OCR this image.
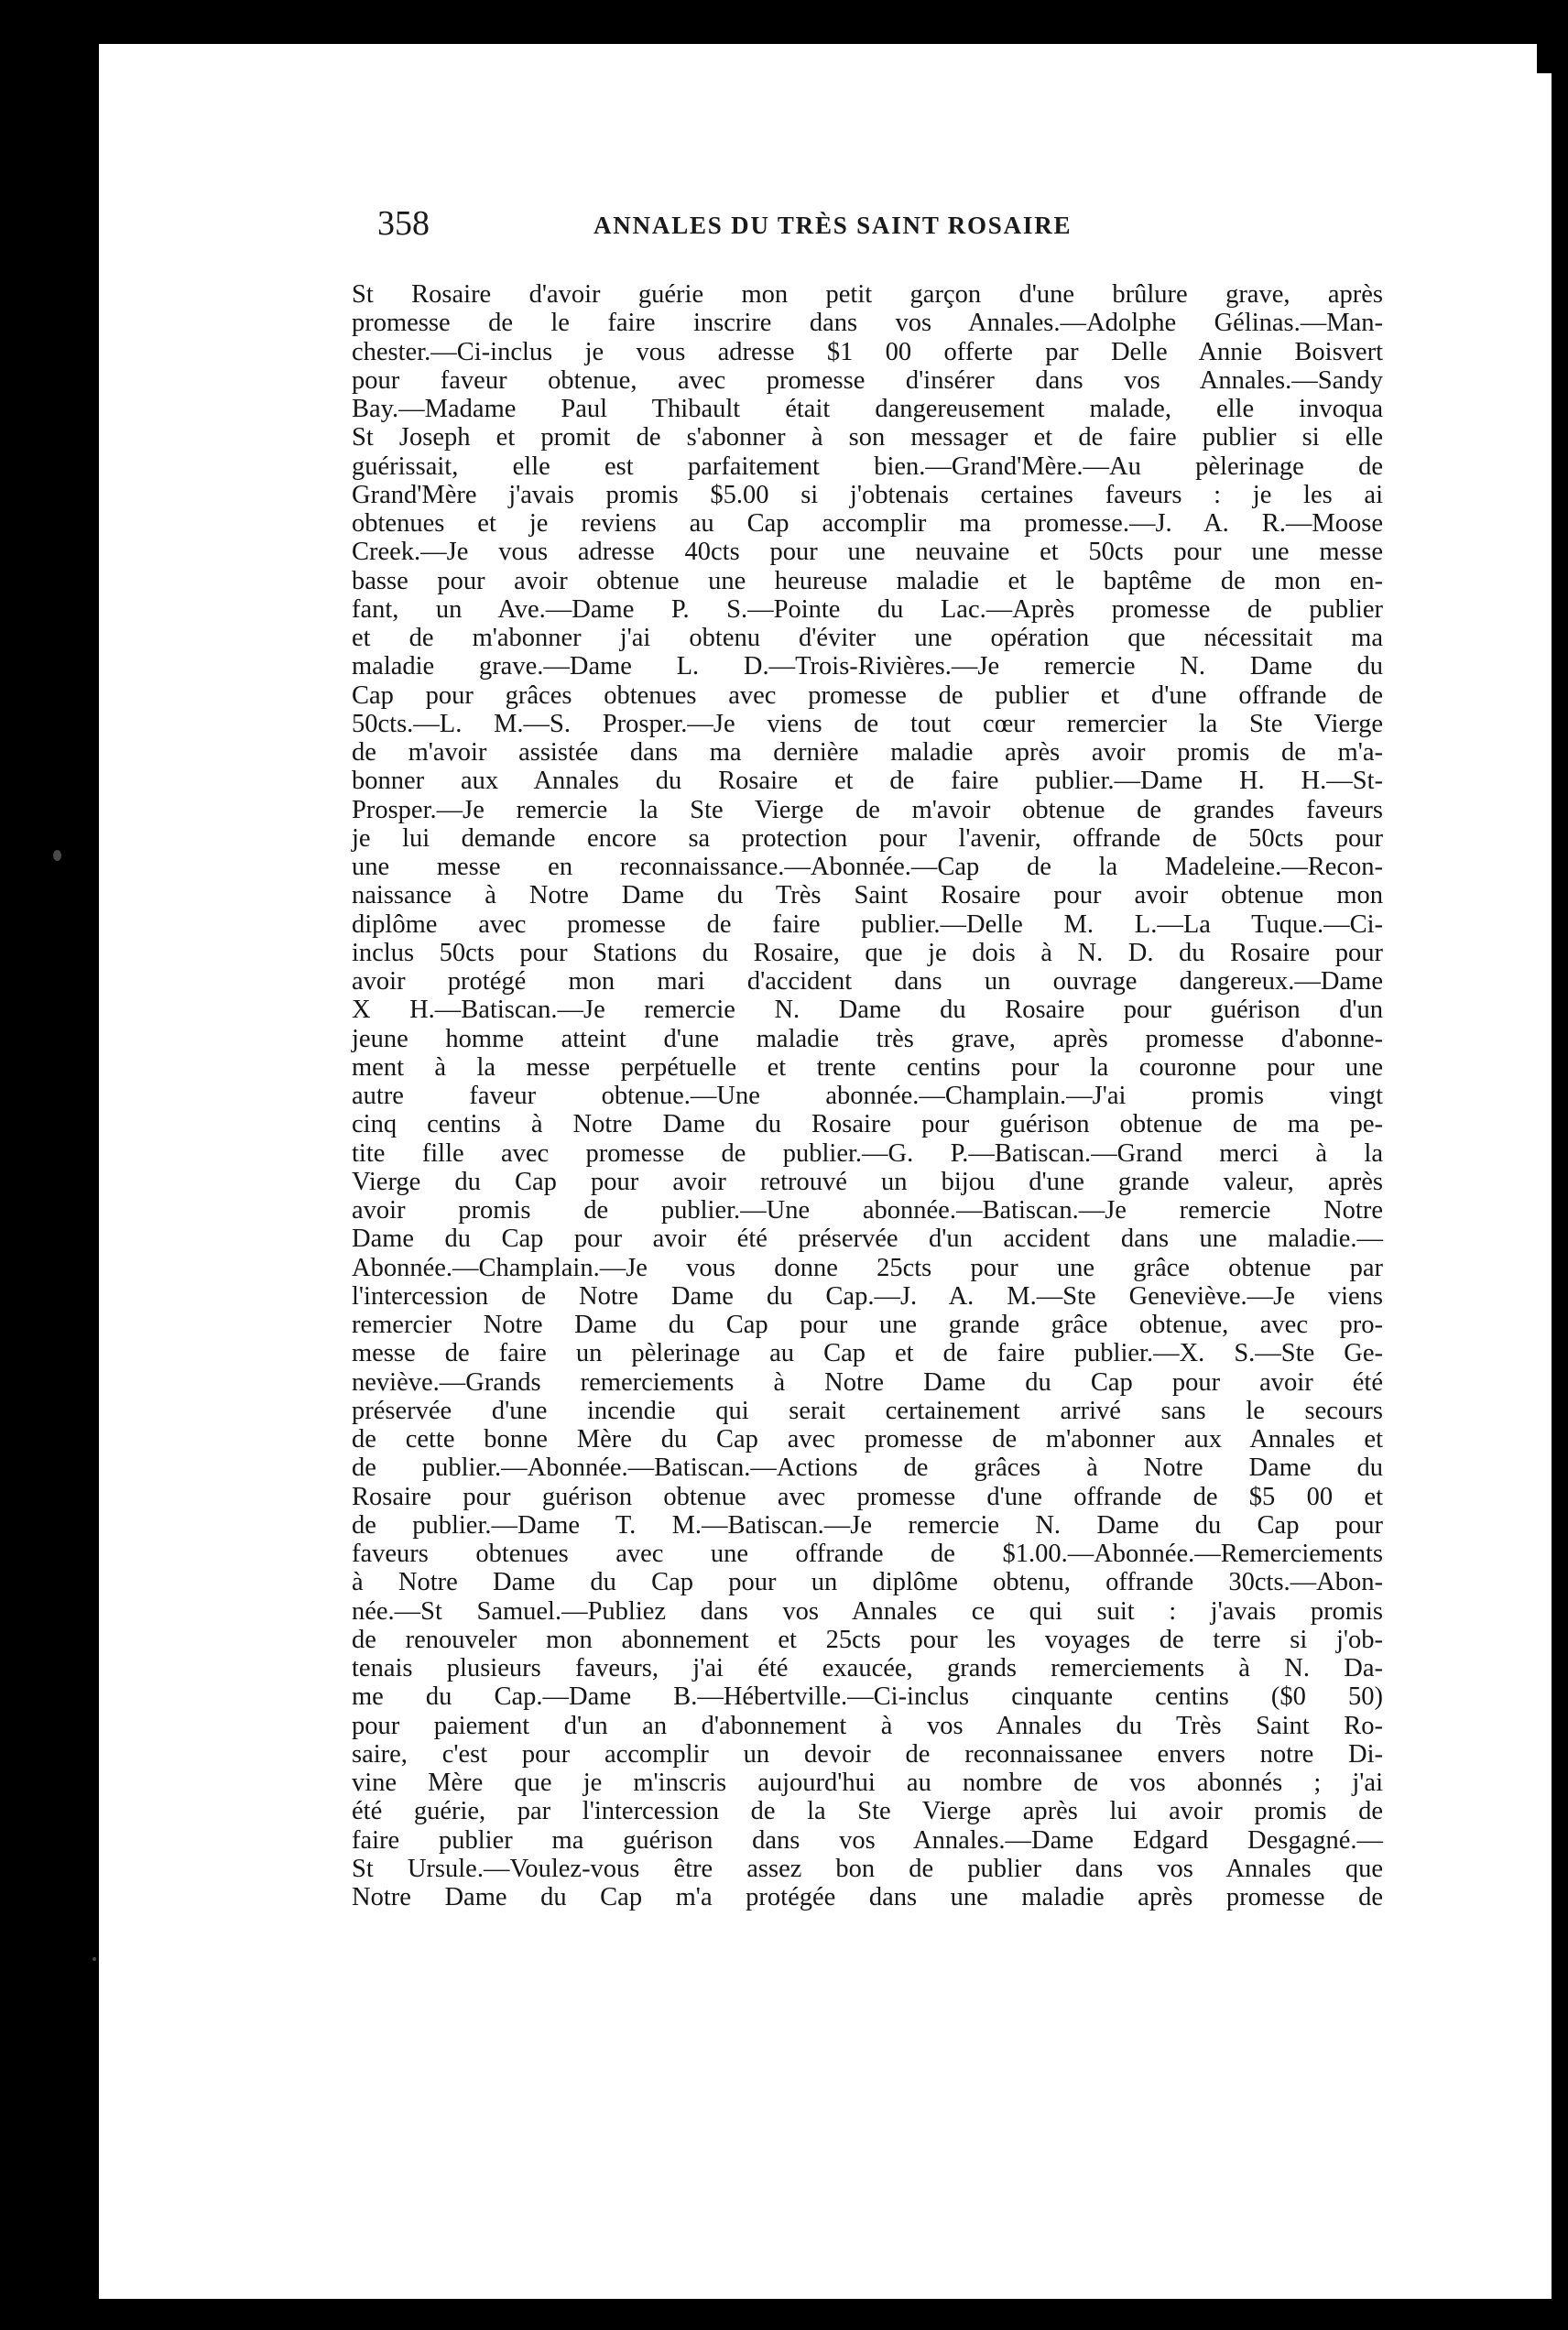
358	ANNALES DU TRÈS SAINT ROSAIRE
St Rosaire d'avoir guérie mon petit garçon d'une brûlure grave, après
promesse de le faire inscrire dans vos Annales.—Adolphe Gélinas.—Man-
chester.—Ci-inclus je vous adresse $1 00 offerte par Delle Annie Boisvert
pour faveur obtenue, avec promesse d'insérer dans vos Annales.—Sandy
Bay.—Madame Paul Thibault était dangereusement malade, elle invoqua
St Joseph et promit de s'abonner à son messager et de faire publier si elle
guérissait, elle est parfaitement bien.—Grand'Mère.—Au pèlerinage de
Grand'Mère j'avais promis $5.00 si j'obtenais certaines faveurs : je les ai
obtenues et je reviens au Cap accomplir ma promesse.—J. A. R.—Moose
Creek.—Je vous adresse 40cts pour une neuvaine et 50cts pour une messe
basse pour avoir obtenue une heureuse maladie et le baptême de mon en-
fant, un Ave.—Dame P. S.—Pointe du Lac.—Après promesse de publier
et de m'abonner j'ai obtenu d'éviter une opération que nécessitait ma
maladie grave.—Dame L. D.—Trois-Rivières.—Je remercie N. Dame du
Cap pour grâces obtenues avec promesse de publier et d'une offrande de
50cts.—L. M.—S. Prosper.—Je viens de tout cœur remercier la Ste Vierge
de m'avoir assistée dans ma dernière maladie après avoir promis de m'a-
bonner aux Annales du Rosaire et de faire publier.—Dame H. H.—St-
Prosper.—Je remercie la Ste Vierge de m'avoir obtenue de grandes faveurs
je lui demande encore sa protection pour l'avenir, offrande de 50cts pour
une messe en reconnaissance.—Abonnée.—Cap de la Madeleine.—Recon-
naissance à Notre Dame du Très Saint Rosaire pour avoir obtenue mon
diplôme avec promesse de faire publier.—Delle M. L.—La Tuque.—Ci-
inclus 50cts pour Stations du Rosaire, que je dois à N. D. du Rosaire pour
avoir protégé mon mari d'accident dans un ouvrage dangereux.—Dame
X H.—Batiscan.—Je remercie N. Dame du Rosaire pour guérison d'un
jeune homme atteint d'une maladie très grave, après promesse d'abonne-
ment à la messe perpétuelle et trente centins pour la couronne pour une
autre faveur obtenue.—Une abonnée.—Champlain.—J'ai promis vingt
cinq centins à Notre Dame du Rosaire pour guérison obtenue de ma pe-
tite fille avec promesse de publier.—G. P.—Batiscan.—Grand merci à la
Vierge du Cap pour avoir retrouvé un bijou d'une grande valeur, après
avoir promis de publier.—Une abonnée.—Batiscan.—Je remercie Notre
Dame du Cap pour avoir été préservée d'un accident dans une maladie.—
Abonnée.—Champlain.—Je vous donne 25cts pour une grâce obtenue par
l'intercession de Notre Dame du Cap.—J. A. M.—Ste Geneviève.—Je viens
remercier Notre Dame du Cap pour une grande grâce obtenue, avec pro-
messe de faire un pèlerinage au Cap et de faire publier.—X. S.—Ste Ge-
neviève.—Grands remerciements à Notre Dame du Cap pour avoir été
préservée d'une incendie qui serait certainement arrivé sans le secours
de cette bonne Mère du Cap avec promesse de m'abonner aux Annales et
de publier.—Abonnée.—Batiscan.—Actions de grâces à Notre Dame du
Rosaire pour guérison obtenue avec promesse d'une offrande de $5 00 et
de publier.—Dame T. M.—Batiscan.—Je remercie N. Dame du Cap pour
faveurs obtenues avec une offrande de $1.00.—Abonnée.—Remerciements
à Notre Dame du Cap pour un diplôme obtenu, offrande 30cts.—Abon-
née.—St Samuel.—Publiez dans vos Annales ce qui suit : j'avais promis
de renouveler mon abonnement et 25cts pour les voyages de terre si j'ob-
tenais plusieurs faveurs, j'ai été exaucée, grands remerciements à N. Da-
me du Cap.—Dame B.—Hébertville.—Ci-inclus cinquante centins ($0 50)
pour paiement d'un an d'abonnement à vos Annales du Très Saint Ro-
saire, c'est pour accomplir un devoir de reconnaissanee envers notre Di-
vine Mère que je m'inscris aujourd'hui au nombre de vos abonnés ; j'ai
été guérie, par l'intercession de la Ste Vierge après lui avoir promis de
faire publier ma guérison dans vos Annales.—Dame Edgard Desgagné.—
St Ursule.—Voulez-vous être assez bon de publier dans vos Annales que
Notre Dame du Cap m'a protégée dans une maladie après promesse de
